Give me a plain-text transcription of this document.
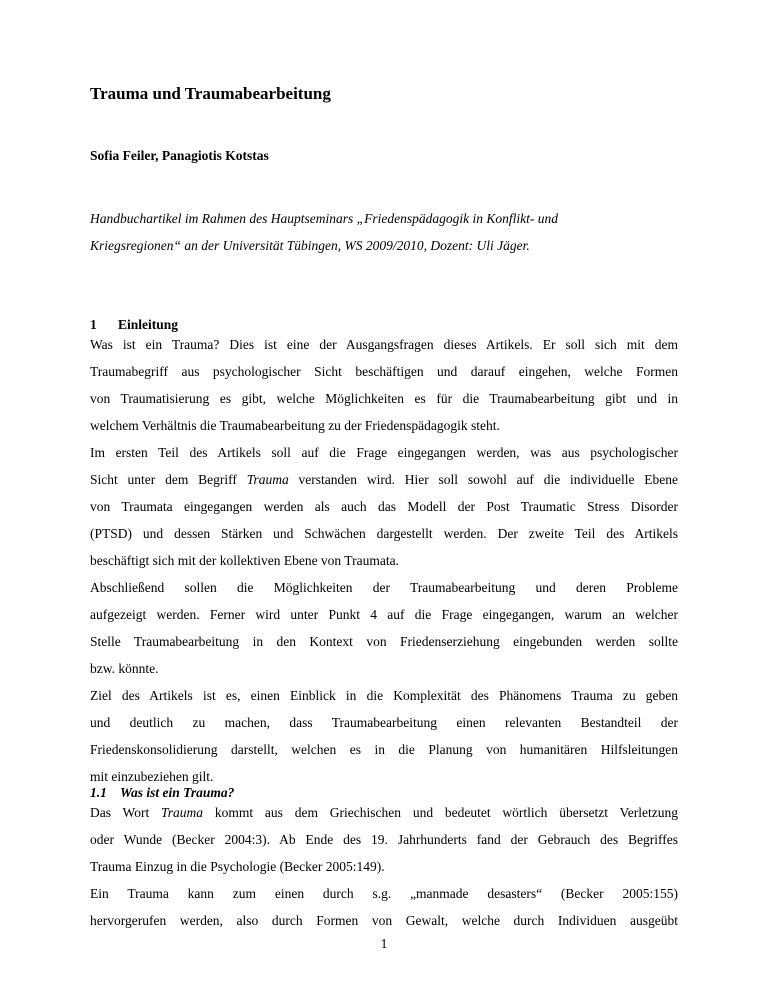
Trauma und Traumabearbeitung
Sofia Feiler, Panagiotis Kotstas
Handbuchartikel im Rahmen des Hauptseminars „Friedenspädagogik in Konflikt- und
Kriegsregionen“ an der Universität Tübingen, WS 2009/2010, Dozent: Uli Jäger.
1 Einleitung
Was ist ein Trauma? Dies ist eine der Ausgangsfragen dieses Artikels. Er soll sich mit dem
Traumabegriff aus psychologischer Sicht beschäftigen und darauf eingehen, welche Formen
von Traumatisierung es gibt, welche Möglichkeiten es für die Traumabearbeitung gibt und in
welchem Verhältnis die Traumabearbeitung zu der Friedenspädagogik steht.
Im ersten Teil des Artikels soll auf die Frage eingegangen werden, was aus psychologischer
Sicht unter dem Begriff Trauma verstanden wird. Hier soll sowohl auf die individuelle Ebene
von Traumata eingegangen werden als auch das Modell der Post Traumatic Stress Disorder
(PTSD) und dessen Stärken und Schwächen dargestellt werden. Der zweite Teil des Artikels
beschäftigt sich mit der kollektiven Ebene von Traumata.
Abschließend sollen die Möglichkeiten der Traumabearbeitung und deren Probleme
aufgezeigt werden. Ferner wird unter Punkt 4 auf die Frage eingegangen, warum an welcher
Stelle Traumabearbeitung in den Kontext von Friedenserziehung eingebunden werden sollte
bzw. könnte.
Ziel des Artikels ist es, einen Einblick in die Komplexität des Phänomens Trauma zu geben
und deutlich zu machen, dass Traumabearbeitung einen relevanten Bestandteil der
Friedenskonsolidierung darstellt, welchen es in die Planung von humanitären Hilfsleitungen
mit einzubeziehen gilt.
1.1 Was ist ein Trauma?
Das Wort Trauma kommt aus dem Griechischen und bedeutet wörtlich übersetzt Verletzung
oder Wunde (Becker 2004:3). Ab Ende des 19. Jahrhunderts fand der Gebrauch des Begriffes
Trauma Einzug in die Psychologie (Becker 2005:149).
Ein Trauma kann zum einen durch s.g. „manmade desasters“ (Becker 2005:155)
hervorgerufen werden, also durch Formen von Gewalt, welche durch Individuen ausgeübt
1
